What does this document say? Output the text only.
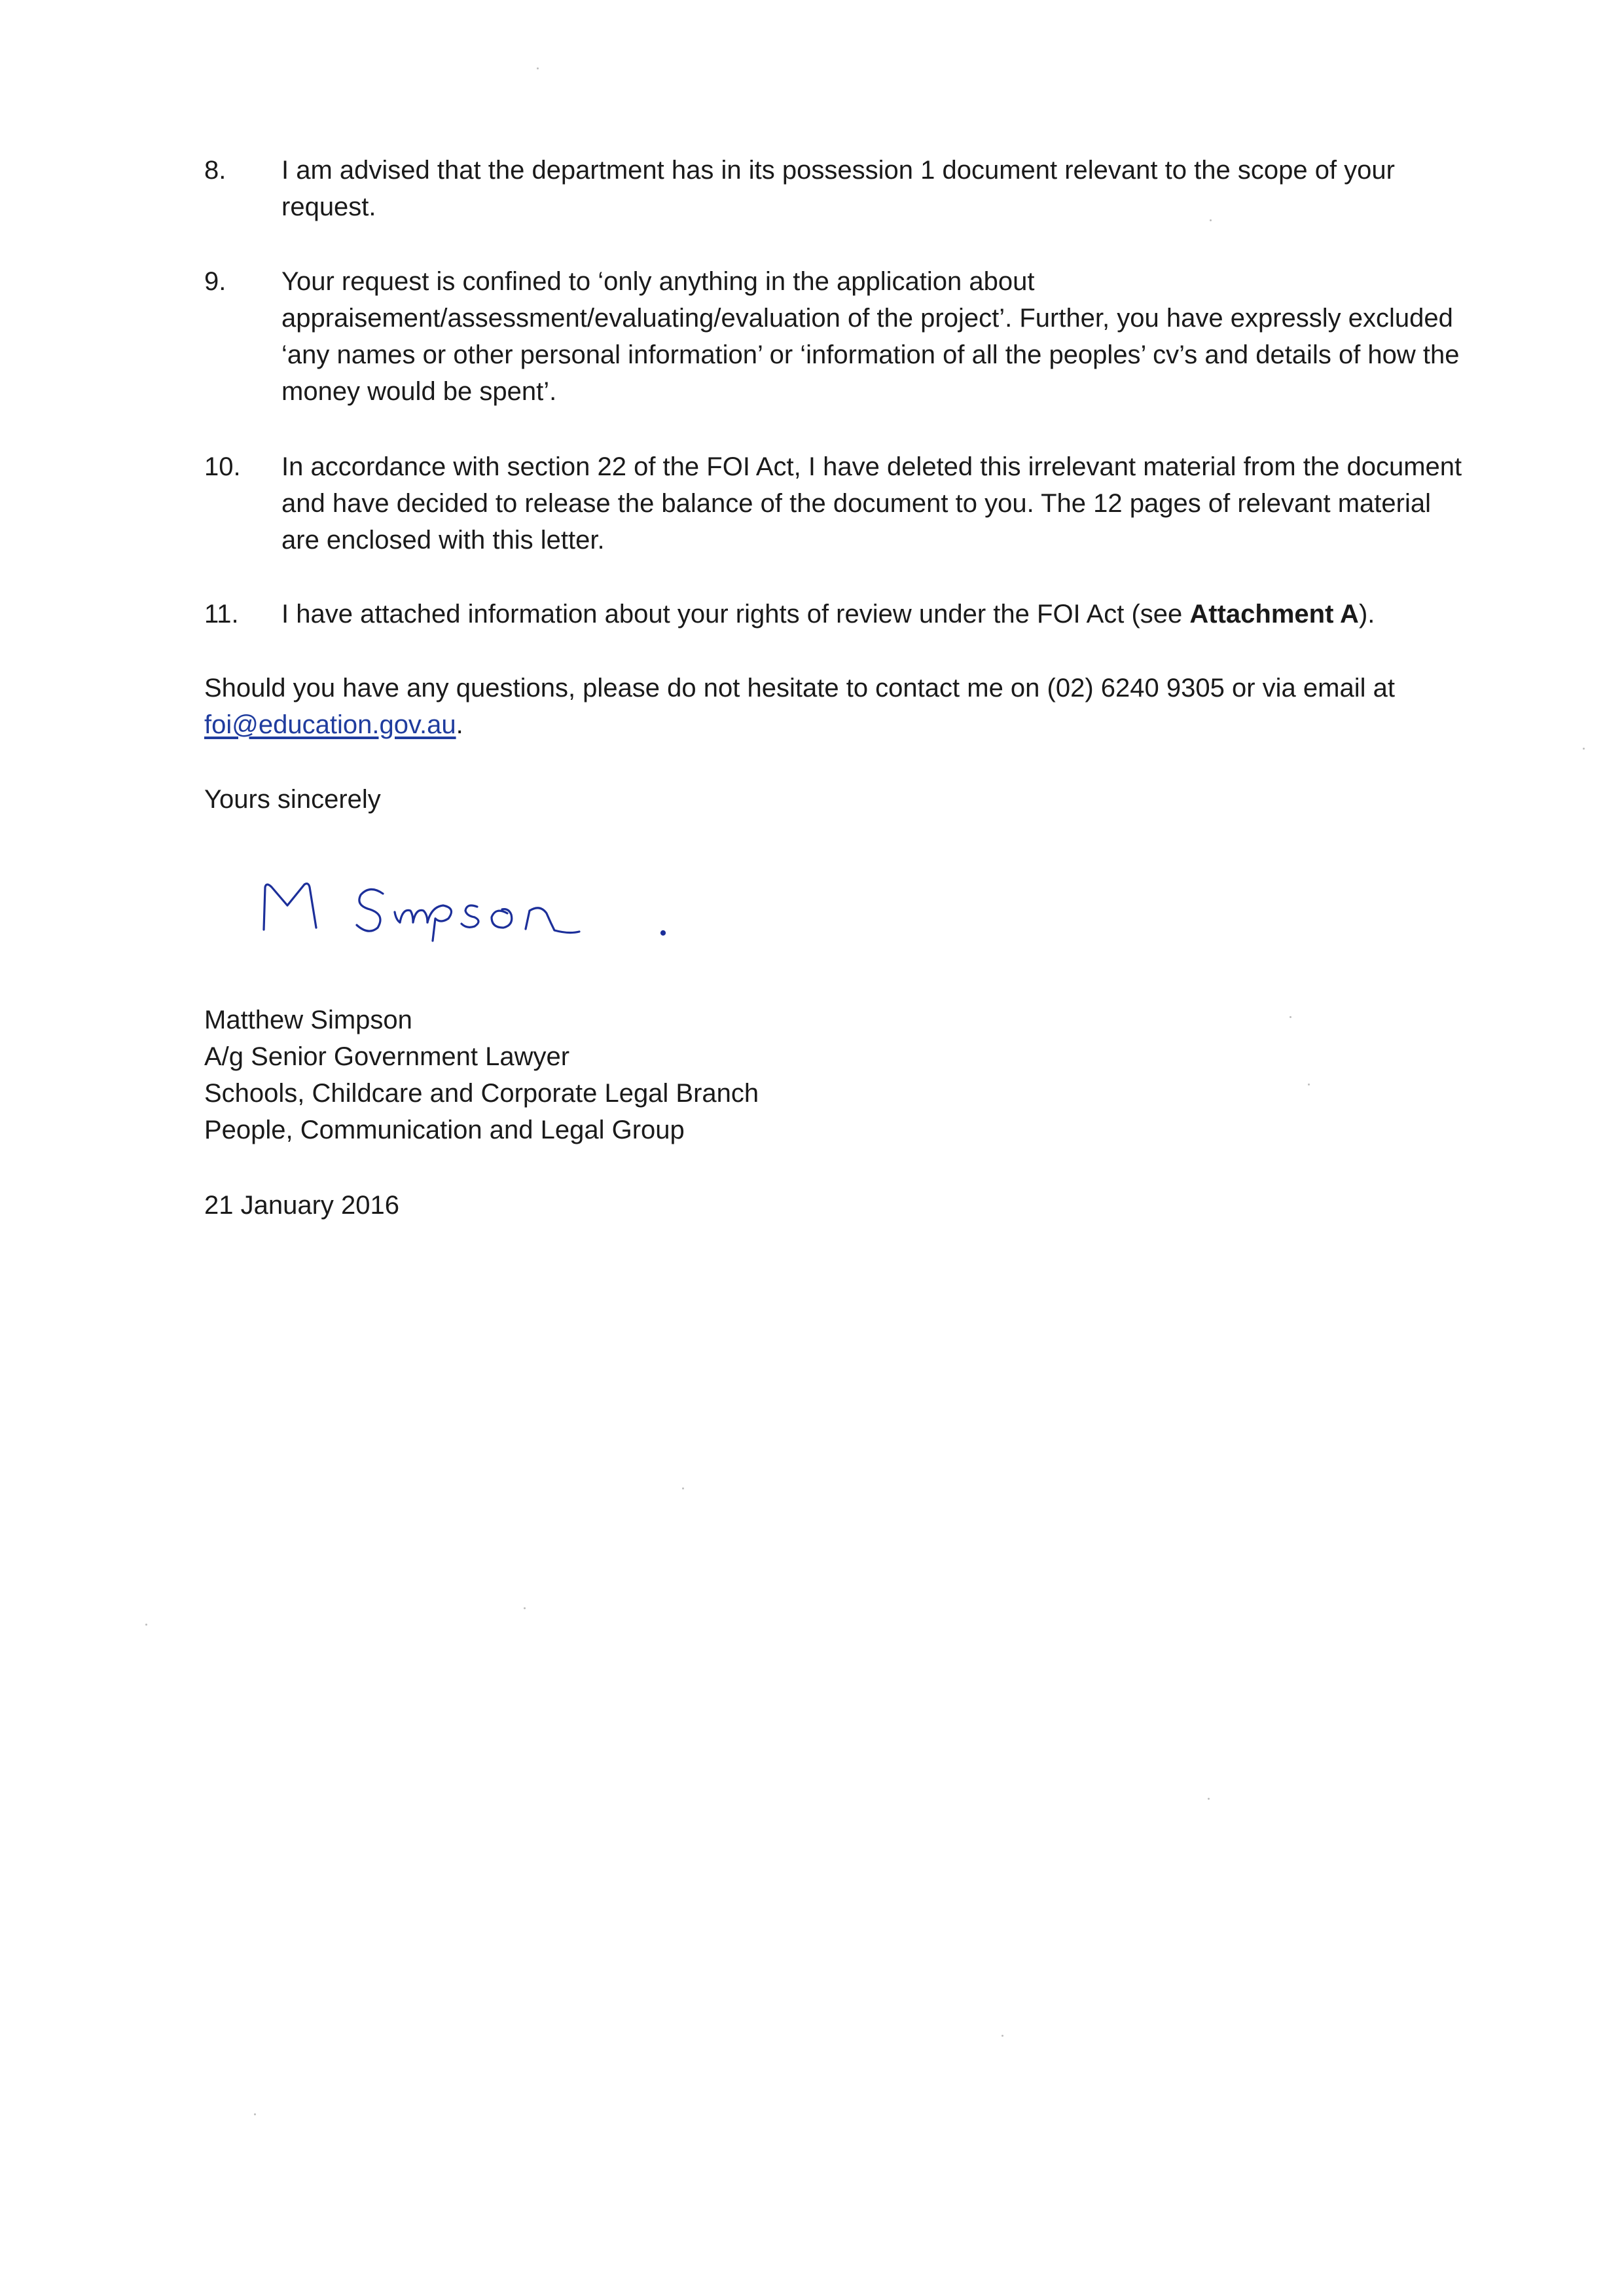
8.	I am advised that the department has in its possession 1 document relevant to the scope of your request.
9.	Your request is confined to ‘only anything in the application about appraisement/assessment/evaluating/evaluation of the project’. Further, you have expressly excluded ‘any names or other personal information’ or ‘information of all the peoples’ cv’s and details of how the money would be spent’.
10.	In accordance with section 22 of the FOI Act, I have deleted this irrelevant material from the document and have decided to release the balance of the document to you. The 12 pages of relevant material are enclosed with this letter.
11.	I have attached information about your rights of review under the FOI Act (see Attachment A).
Should you have any questions, please do not hesitate to contact me on (02) 6240 9305 or via email at foi@education.gov.au.
Yours sincerely
Matthew Simpson
A/g Senior Government Lawyer
Schools, Childcare and Corporate Legal Branch
People, Communication and Legal Group
21 January 2016
